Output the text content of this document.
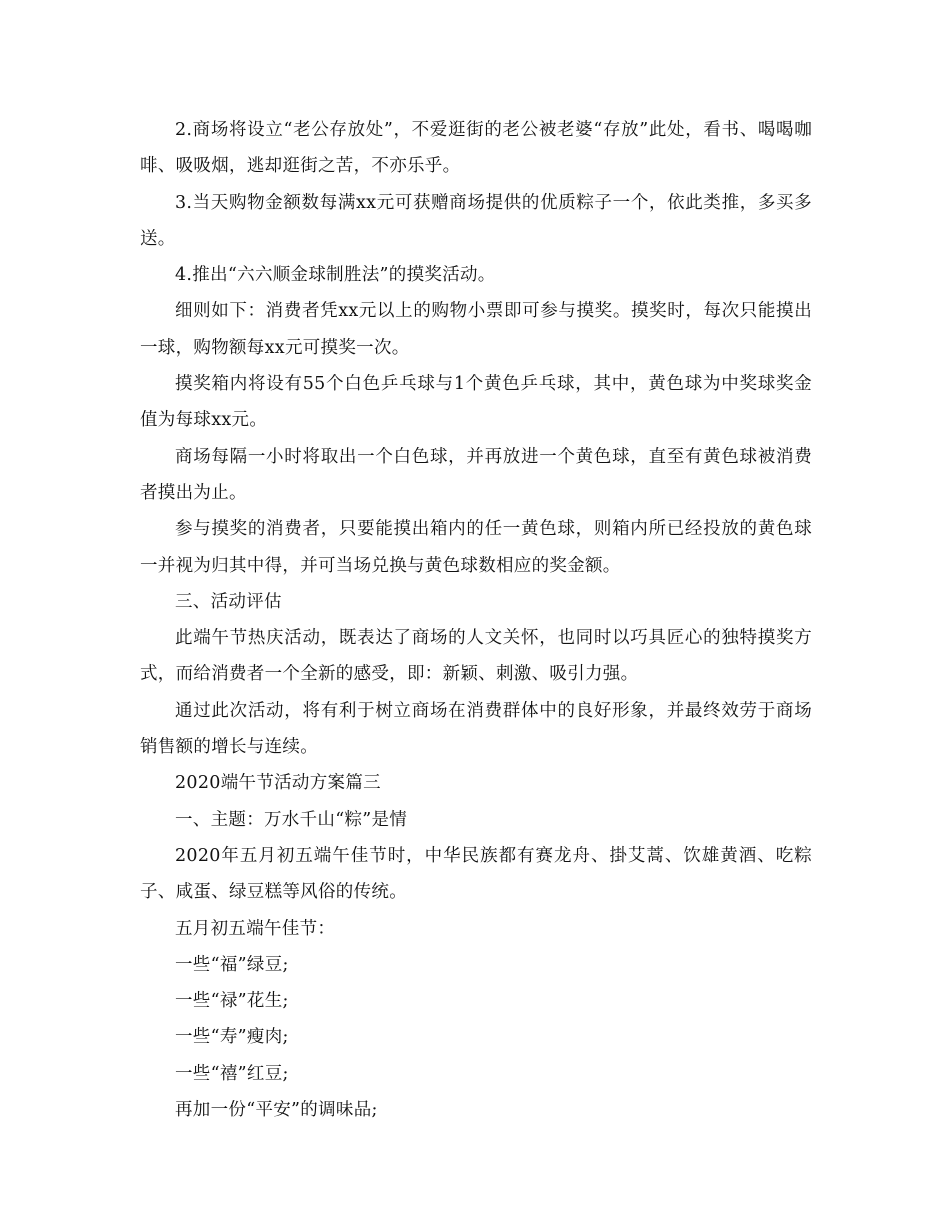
2.商场将设立“老公存放处”，不爱逛街的老公被老婆“存放”此处，看书、喝喝咖啡、吸吸烟，逃却逛街之苦，不亦乐乎。

3.当天购物金额数每满xx元可获赠商场提供的优质粽子一个，依此类推，多买多送。

4.推出“六六顺金球制胜法”的摸奖活动。

细则如下：消费者凭xx元以上的购物小票即可参与摸奖。摸奖时，每次只能摸出一球，购物额每xx元可摸奖一次。

摸奖箱内将设有55个白色乒乓球与1个黄色乒乓球，其中，黄色球为中奖球奖金值为每球xx元。

商场每隔一小时将取出一个白色球，并再放进一个黄色球，直至有黄色球被消费者摸出为止。

参与摸奖的消费者，只要能摸出箱内的任一黄色球，则箱内所已经投放的黄色球一并视为归其中得，并可当场兑换与黄色球数相应的奖金额。

三、活动评估

此端午节热庆活动，既表达了商场的人文关怀，也同时以巧具匠心的独特摸奖方式，而给消费者一个全新的感受，即：新颖、刺激、吸引力强。

通过此次活动，将有利于树立商场在消费群体中的良好形象，并最终效劳于商场销售额的增长与连续。

2020端午节活动方案篇三

一、主题：万水千山“粽”是情

2020年五月初五端午佳节时，中华民族都有赛龙舟、掛艾蒿、饮雄黄酒、吃粽子、咸蛋、绿豆糕等风俗的传统。

五月初五端午佳节：

一些“福”绿豆;

一些“禄”花生;

一些“寿”瘦肉;

一些“禧”红豆;

再加一份“平安”的调味品;
